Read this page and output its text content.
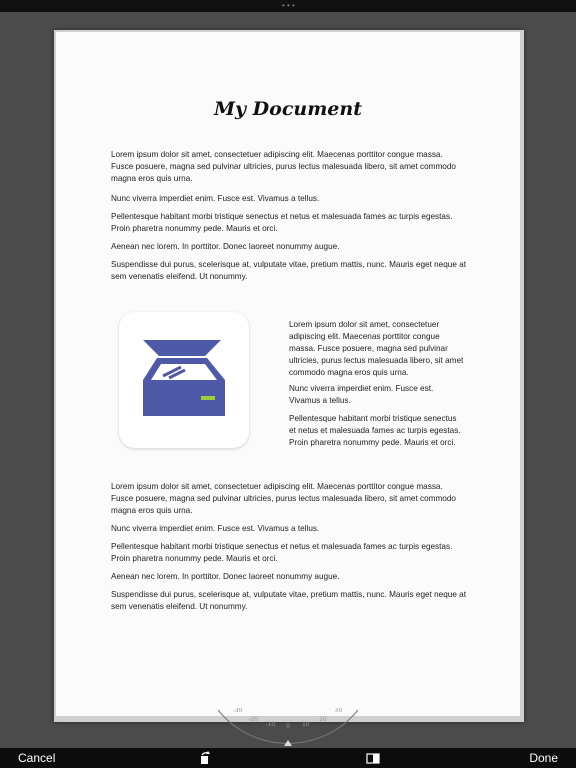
• • •
My Document

Lorem ipsum dolor sit amet, consectetuer adipiscing elit. Maecenas porttitor congue massa. Fusce posuere, magna sed pulvinar ultricies, purus lectus malesuada libero, sit amet commodo magna eros quis urna.

Nunc viverra imperdiet enim. Fusce est. Vivamus a tellus.

Pellentesque habitant morbi tristique senectus et netus et malesuada fames ac turpis egestas. Proin pharetra nonummy pede. Mauris et orci.

Aenean nec lorem. In porttitor. Donec laoreet nonummy augue.

Suspendisse dui purus, scelerisque at, vulputate vitae, pretium mattis, nunc. Mauris eget neque at sem venenatis eleifend. Ut nonummy.

Lorem ipsum dolor sit amet, consectetuer adipiscing elit. Maecenas porttitor congue massa. Fusce posuere, magna sed pulvinar ultricies, purus lectus malesuada libero, sit amet commodo magna eros quis urna.

Nunc viverra imperdiet enim. Fusce est. Vivamus a tellus.

Pellentesque habitant morbi tristique senectus et netus et malesuada fames ac turpis egestas. Proin pharetra nonummy pede. Mauris et orci.

Lorem ipsum dolor sit amet, consectetuer adipiscing elit. Maecenas porttitor congue massa. Fusce posuere, magna sed pulvinar ultricies, purus lectus malesuada libero, sit amet commodo magna eros quis urna.

Nunc viverra imperdiet enim. Fusce est. Vivamus a tellus.

Pellentesque habitant morbi tristique senectus et netus et malesuada fames ac turpis egestas. Proin pharetra nonummy pede. Mauris et orci.

Aenean nec lorem. In porttitor. Donec laoreet nonummy augue.

Suspendisse dui purus, scelerisque at, vulputate vitae, pretium mattis, nunc. Mauris eget neque at sem venenatis eleifend. Ut nonummy.

-30
-20
-10 0 10
20
30
Cancel	Done
